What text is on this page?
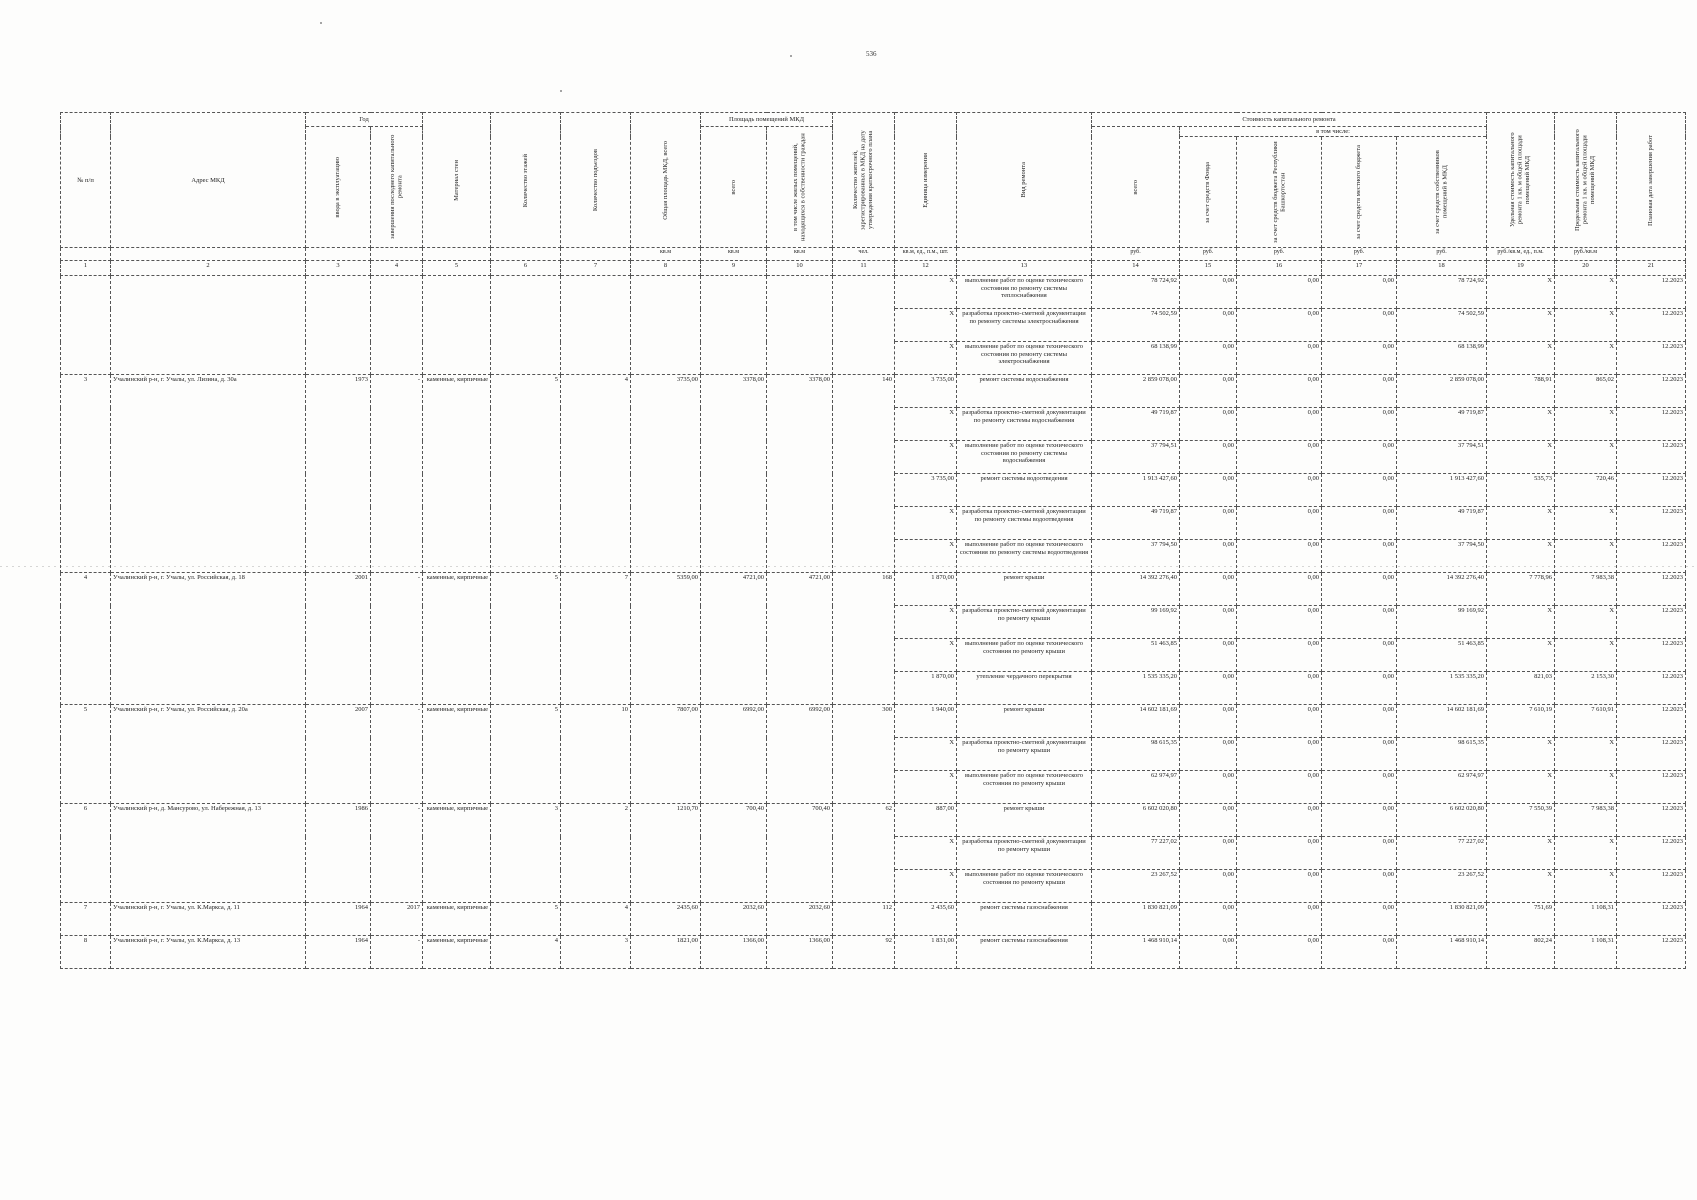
536
№ п/п	Адрес МКД	Год		Материал стен	Количество этажей	Количество подъездов	Общая площадь МКД, всего	Площадь помещений МКД		Количество жителей, зарегистрированных в МКД на дату утверждения краткосрочного плана	Единица измерения	Вид ремонта	Стоимость капитального ремонта					Удельная стоимость капитального ремонта 1 кв. м общей площади помещений МКД	Предельная стоимость капитального ремонта 1 кв. м общей площади помещений МКД	Плановая дата завершения работ

		ввода в эксплуатацию	завершения последнего капитального ремонта					всего	в том числе жилых помещений, находящихся в собственности граждан				всего	в том числе:						

														за счет средств Фонда	за счет средств бюджета Республики Башкортостан	за счет средств местного бюджета	за счет средств собственников помещений в МКД			

							кв.м	кв.м	кв.м	чел.	кв.м, ед., п.м., шт.		руб.	руб.	руб.	руб.	руб.	руб./кв.м, ед., п.м.	руб./кв.м	
1	2	3	4	5	6	7	8	9	10	11	12	13	14	15	16	17	18	19	20	21
											X	выполнение работ по оценке технического состояния по ремонту системы теплоснабжения	78 724,92	0,00	0,00	0,00	78 724,92	X	X	12.2023
											X	разработка проектно-сметной документации по ремонту системы электроснабжения	74 502,59	0,00	0,00	0,00	74 502,59	X	X	12.2023
											X	выполнение работ по оценке технического состояния по ремонту системы электроснабжения	68 138,99	0,00	0,00	0,00	68 138,99	X	X	12.2023
3	Учалинский р-н, г. Учалы, ул. Лизина, д. 30а	1973	-	каменные, кирпичные	5	4	3735,00	3378,00	3378,00	140	3 735,00	ремонт системы водоснабжения	2 859 078,00	0,00	0,00	0,00	2 859 078,00	788,91	865,02	12.2023
											X	разработка проектно-сметной документации по ремонту системы водоснабжения	49 719,87	0,00	0,00	0,00	49 719,87	X	X	12.2023
											X	выполнение работ по оценке технического состояния по ремонту системы водоснабжения	37 794,51	0,00	0,00	0,00	37 794,51	X	X	12.2023
											3 735,00	ремонт системы водоотведения	1 913 427,60	0,00	0,00	0,00	1 913 427,60	535,73	720,46	12.2023
											X	разработка проектно-сметной документации по ремонту системы водоотведения	49 719,87	0,00	0,00	0,00	49 719,87	X	X	12.2023
											X	выполнение работ по оценке технического состояния по ремонту системы водоотведения	37 794,50	0,00	0,00	0,00	37 794,50	X	X	12.2023
4	Учалинский р-н, г. Учалы, ул. Российская, д. 18	2001	-	каменные, кирпичные	5	7	5359,00	4721,00	4721,00	168	1 870,00	ремонт крыши	14 392 276,40	0,00	0,00	0,00	14 392 276,40	7 778,96	7 983,38	12.2023
											X	разработка проектно-сметной документации по ремонту крыши	99 169,92	0,00	0,00	0,00	99 169,92	X	X	12.2023
											X	выполнение работ по оценке технического состояния по ремонту крыши	51 463,85	0,00	0,00	0,00	51 463,85	X	X	12.2023
											1 870,00	утепление чердачного перекрытия	1 535 335,20	0,00	0,00	0,00	1 535 335,20	821,03	2 153,30	12.2023
5	Учалинский р-н, г. Учалы, ул. Российская, д. 20а	2007	-	каменные, кирпичные	5	10	7807,00	6992,00	6992,00	300	1 940,00	ремонт крыши	14 602 181,69	0,00	0,00	0,00	14 602 181,69	7 610,19	7 610,91	12.2023
											X	разработка проектно-сметной документации по ремонту крыши	98 615,35	0,00	0,00	0,00	98 615,35	X	X	12.2023
											X	выполнение работ по оценке технического состояния по ремонту крыши	62 974,97	0,00	0,00	0,00	62 974,97	X	X	12.2023
6	Учалинский р-н, д. Мансурово, ул. Набережная, д. 13	1986	-	каменные, кирпичные	3	2	1210,70	700,40	700,40	62	887,00	ремонт крыши	6 602 020,80	0,00	0,00	0,00	6 602 020,80	7 550,39	7 983,38	12.2023
											X	разработка проектно-сметной документации по ремонту крыши	77 227,02	0,00	0,00	0,00	77 227,02	X	X	12.2023
											X	выполнение работ по оценке технического состояния по ремонту крыши	23 267,52	0,00	0,00	0,00	23 267,52	X	X	12.2023
7	Учалинский р-н, г. Учалы, ул. К.Маркса, д. 11	1964	2017	каменные, кирпичные	5	4	2435,60	2032,60	2032,60	112	2 435,60	ремонт системы газоснабжения	1 830 821,09	0,00	0,00	0,00	1 830 821,09	751,69	1 108,31	12.2023
8	Учалинский р-н, г. Учалы, ул. К.Маркса, д. 13	1964	-	каменные, кирпичные	4	3	1821,00	1366,00	1366,00	92	1 831,00	ремонт системы газоснабжения	1 468 910,14	0,00	0,00	0,00	1 468 910,14	802,24	1 108,31	12.2023
